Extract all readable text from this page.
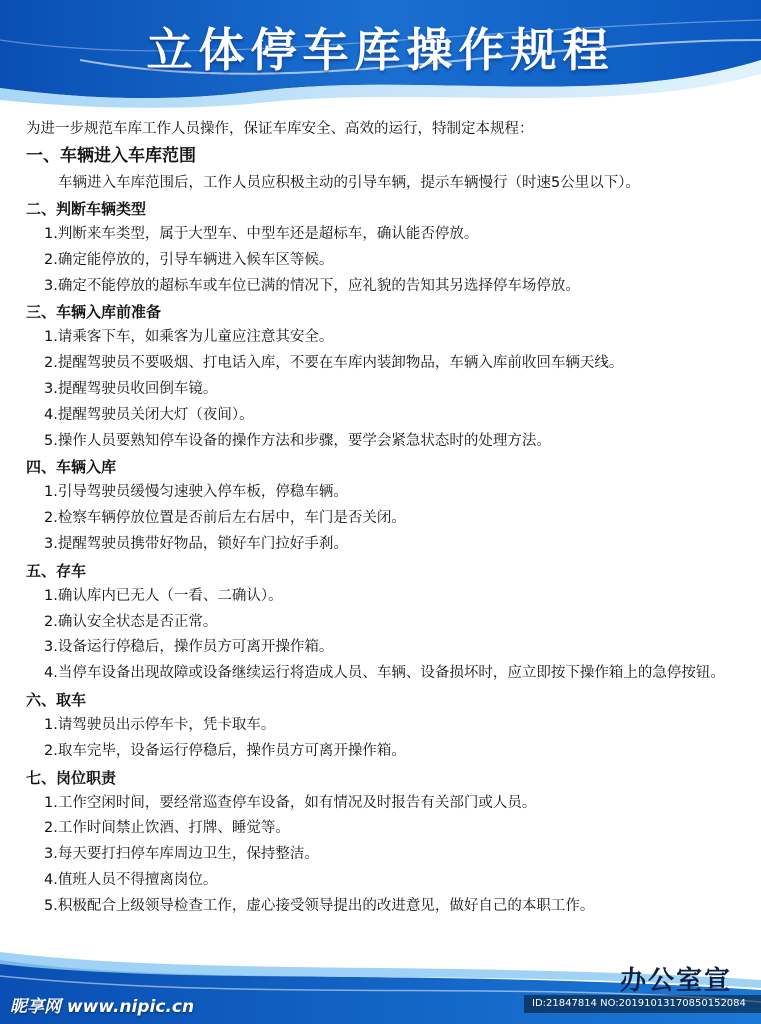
立体停车库操作规程

为进一步规范车库工作人员操作，保证车库安全、高效的运行，特制定本规程：

一、车辆进入车库范围

车辆进入车库范围后，工作人员应积极主动的引导车辆，提示车辆慢行（时速5公里以下）。

二、判断车辆类型

1.判断来车类型，属于大型车、中型车还是超标车，确认能否停放。

2.确定能停放的，引导车辆进入候车区等候。

3.确定不能停放的超标车或车位已满的情况下，应礼貌的告知其另选择停车场停放。

三、车辆入库前准备

1.请乘客下车，如乘客为儿童应注意其安全。

2.提醒驾驶员不要吸烟、打电话入库，不要在车库内装卸物品，车辆入库前收回车辆天线。

3.提醒驾驶员收回倒车镜。

4.提醒驾驶员关闭大灯（夜间）。

5.操作人员要熟知停车设备的操作方法和步骤，要学会紧急状态时的处理方法。

四、车辆入库

1.引导驾驶员缓慢匀速驶入停车板，停稳车辆。

2.检察车辆停放位置是否前后左右居中，车门是否关闭。

3.提醒驾驶员携带好物品，锁好车门拉好手刹。

五、存车

1.确认库内已无人（一看、二确认）。

2.确认安全状态是否正常。

3.设备运行停稳后，操作员方可离开操作箱。

4.当停车设备出现故障或设备继续运行将造成人员、车辆、设备损坏时，应立即按下操作箱上的急停按钮。

六、取车

1.请驾驶员出示停车卡，凭卡取车。

2.取车完毕，设备运行停稳后，操作员方可离开操作箱。

七、岗位职责

1.工作空闲时间，要经常巡查停车设备，如有情况及时报告有关部门或人员。

2.工作时间禁止饮酒、打牌、睡觉等。

3.每天要打扫停车库周边卫生，保持整洁。

4.值班人员不得擅离岗位。

5.积极配合上级领导检查工作，虚心接受领导提出的改进意见，做好自己的本职工作。

办公室宣
昵享网 www.nipic.cn	ID:21847814 NO:20191013170850152084
